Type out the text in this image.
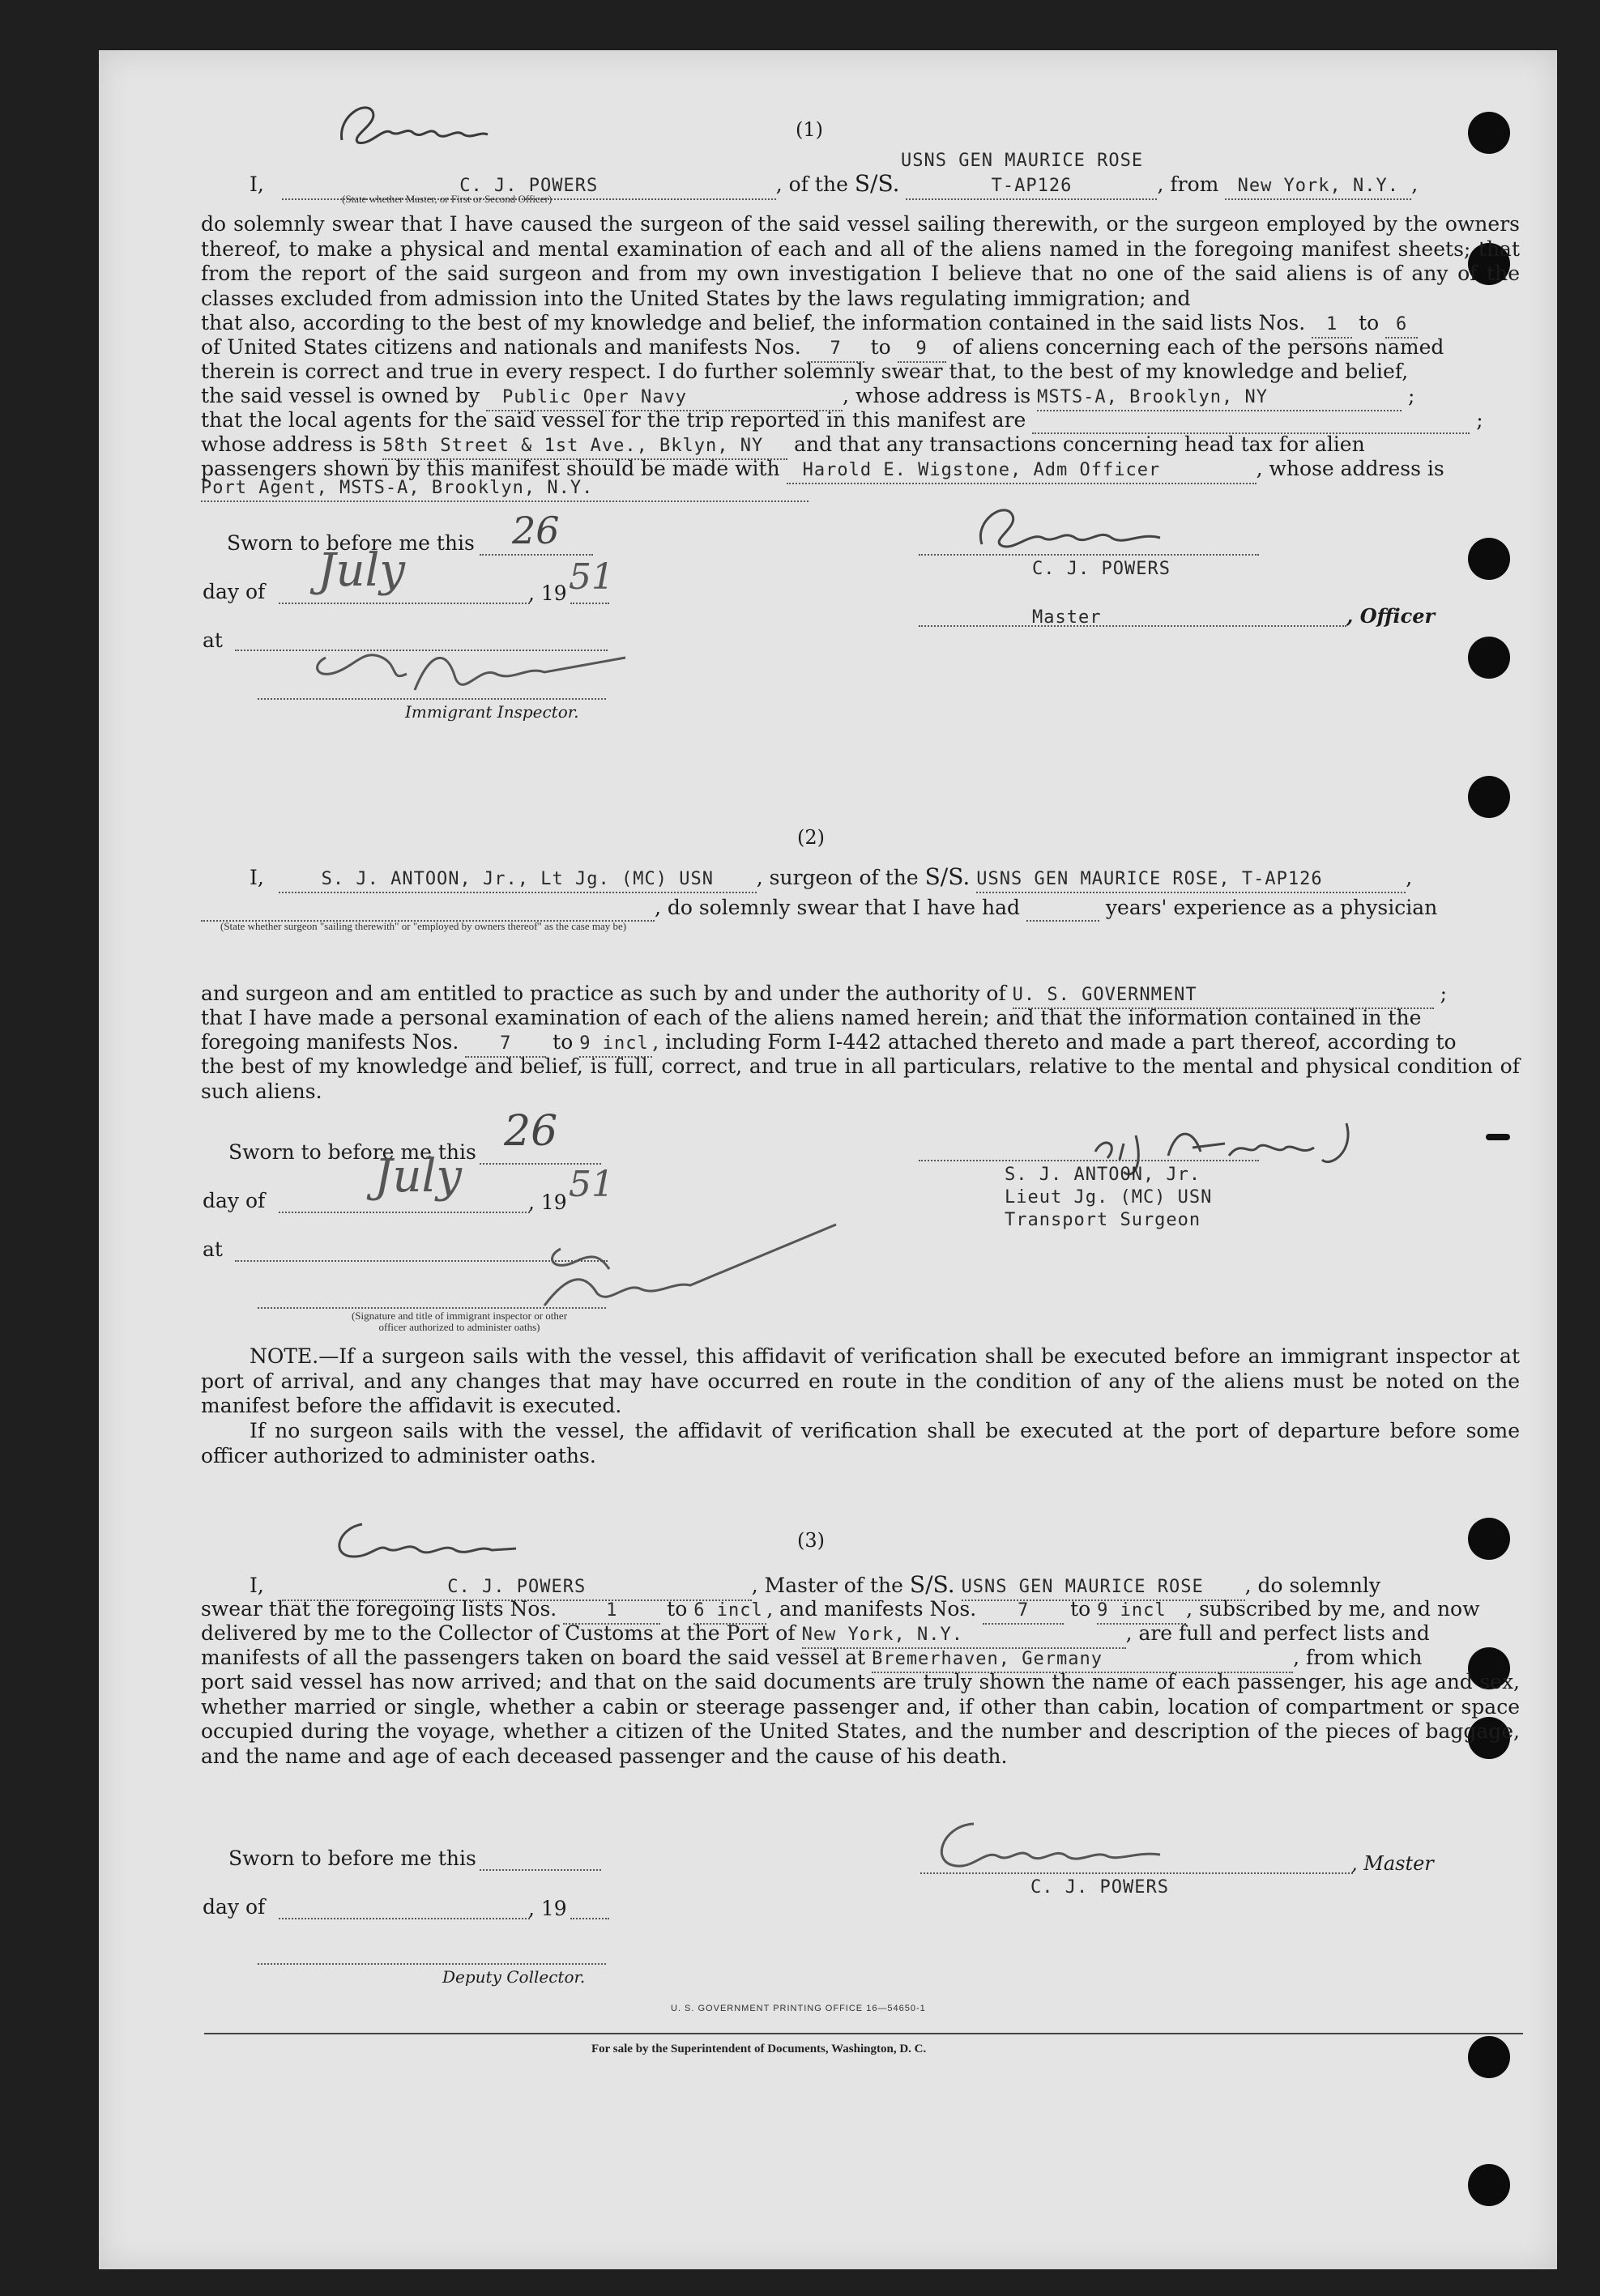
(1)
I,	C. J. POWERS	, of the S/S.	T-AP126	, from New York, N.Y. ,
USNS GEN MAURICE ROSE
(State whether Master, or First or Second Officer)
do solemnly swear that I have caused the surgeon of the said vessel sailing therewith, or the surgeon employed by the owners thereof, to make a physical and mental examination of each and all of the aliens named in the foregoing manifest sheets; that from the report of the said surgeon and from my own investigation I believe that no one of the said aliens is of any of the classes excluded from admission into the United States by the laws regulating immigration; and
that also, according to the best of my knowledge and belief, the information contained in the said lists Nos. 1 to 6
of United States citizens and nationals and manifests Nos. 7 to 9 of aliens concerning each of the persons named
therein is correct and true in every respect. I do further solemnly swear that, to the best of my knowledge and belief,
the said vessel is owned by Public Oper Navy	, whose address is MSTS-A, Brooklyn, NY	;
that the local agents for the said vessel for the trip reported in this manifest are	;
whose address is 58th Street & 1st Ave., Bklyn, NY and that any transactions concerning head tax for alien
passengers shown by this manifest should be made with Harold E. Wigstone, Adm Officer	, whose address is
Port Agent, MSTS-A, Brooklyn, N.Y.
Sworn to before me this 26
day of July	, 19 51
at
Immigrant Inspector.
C. J. POWERS
Master	, Officer
(2)
I,	S. J. ANTOON, Jr., Lt Jg. (MC) USN , surgeon of the S/S. USNS GEN MAURICE ROSE, T-AP126	,
, do solemnly swear that I have had	years' experience as a physician
(State whether surgeon "sailing therewith" or "employed by owners thereof" as the case may be)
and surgeon and am entitled to practice as such by and under the authority of U. S. GOVERNMENT	;
that I have made a personal examination of each of the aliens named herein; and that the information contained in the
foregoing manifests Nos. 7 to 9 incl , including Form I-442 attached thereto and made a part thereof, according to
the best of my knowledge and belief, is full, correct, and true in all particulars, relative to the mental and physical condition of such aliens.
Sworn to before me this 26
day of July	, 19 51
at
(Signature and title of immigrant inspector or other officer authorized to administer oaths)
S. J. ANTOON, Jr.
Lieut Jg. (MC) USN
Transport Surgeon
NOTE.—If a surgeon sails with the vessel, this affidavit of verification shall be executed before an immigrant inspector at port of arrival, and any changes that may have occurred en route in the condition of any of the aliens must be noted on the manifest before the affidavit is executed.
If no surgeon sails with the vessel, the affidavit of verification shall be executed at the port of departure before some officer authorized to administer oaths.
(3)
I,	C. J. POWERS	, Master of the S/S. USNS GEN MAURICE ROSE , do solemnly
swear that the foregoing lists Nos.	1 to 6 incl , and manifests Nos. 7 to 9 incl , subscribed by me, and now
delivered by me to the Collector of Customs at the Port of New York, N.Y.	, are full and perfect lists and
manifests of all the passengers taken on board the said vessel at Bremerhaven, Germany	, from which
port said vessel has now arrived; and that on the said documents are truly shown the name of each passenger, his age and sex, whether married or single, whether a cabin or steerage passenger and, if other than cabin, location of compartment or space occupied during the voyage, whether a citizen of the United States, and the number and description of the pieces of baggage, and the name and age of each deceased passenger and the cause of his death.
Sworn to before me this
day of	, 19
Deputy Collector.
, Master
C. J. POWERS
U. S. GOVERNMENT PRINTING OFFICE 16—54650-1
For sale by the Superintendent of Documents, Washington, D. C.
